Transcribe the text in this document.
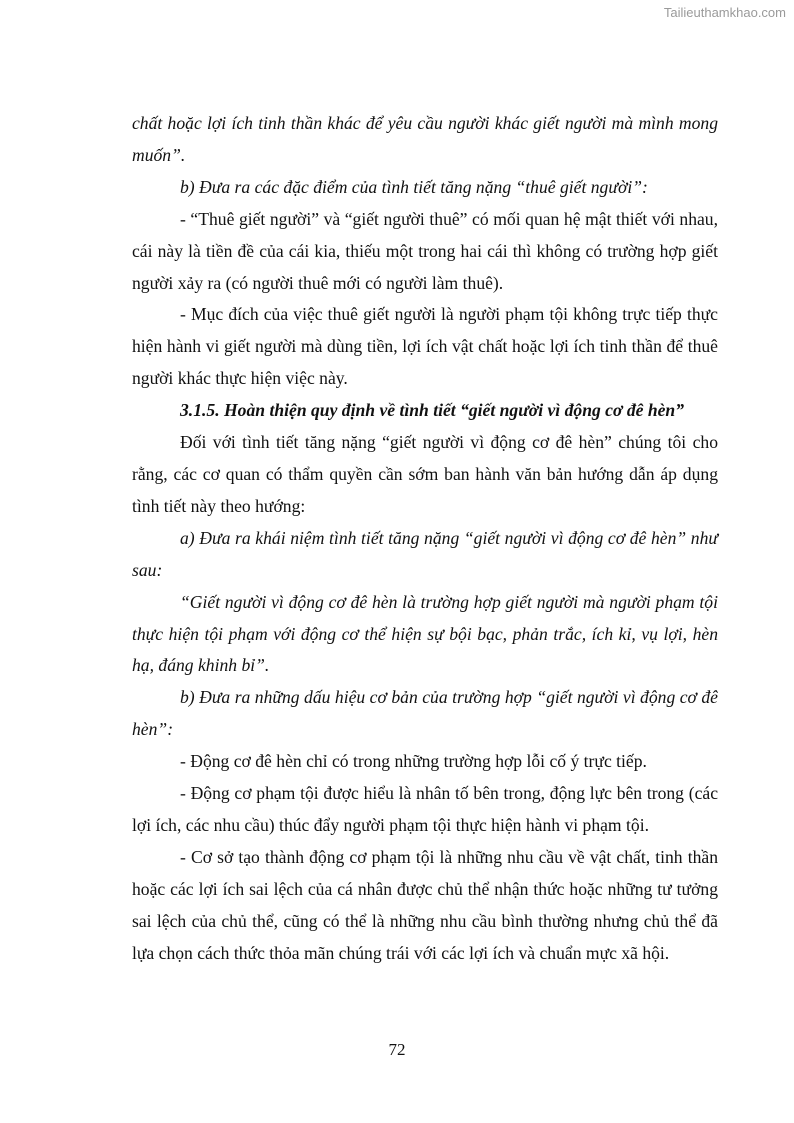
Tailieuthamkhao.com

chất hoặc lợi ích tinh thần khác để yêu cầu người khác giết người mà mình mong muốn”.

b) Đưa ra các đặc điểm của tình tiết tăng nặng “thuê giết người”:

- “Thuê giết người” và “giết người thuê” có mối quan hệ mật thiết với nhau, cái này là tiền đề của cái kia, thiếu một trong hai cái thì không có trường hợp giết người xảy ra (có người thuê mới có người làm thuê).

- Mục đích của việc thuê giết người là người phạm tội không trực tiếp thực hiện hành vi giết người mà dùng tiền, lợi ích vật chất hoặc lợi ích tinh thần để thuê người khác thực hiện việc này.

3.1.5. Hoàn thiện quy định về tình tiết “giết người vì động cơ đê hèn”

Đối với tình tiết tăng nặng “giết người vì động cơ đê hèn” chúng tôi cho rằng, các cơ quan có thẩm quyền cần sớm ban hành văn bản hướng dẫn áp dụng tình tiết này theo hướng:

a) Đưa ra khái niệm tình tiết tăng nặng “giết người vì động cơ đê hèn” như sau:

“Giết người vì động cơ đê hèn là trường hợp giết người mà người phạm tội thực hiện tội phạm với động cơ thể hiện sự bội bạc, phản trắc, ích kỉ, vụ lợi, hèn hạ, đáng khinh bỉ”.

b) Đưa ra những dấu hiệu cơ bản của trường hợp “giết người vì động cơ đê hèn”:

- Động cơ đê hèn chỉ có trong những trường hợp lỗi cố ý trực tiếp.

- Động cơ phạm tội được hiểu là nhân tố bên trong, động lực bên trong (các lợi ích, các nhu cầu) thúc đẩy người phạm tội thực hiện hành vi phạm tội.

- Cơ sở tạo thành động cơ phạm tội là những nhu cầu về vật chất, tinh thần hoặc các lợi ích sai lệch của cá nhân được chủ thể nhận thức hoặc những tư tưởng sai lệch của chủ thể, cũng có thể là những nhu cầu bình thường nhưng chủ thể đã lựa chọn cách thức thỏa mãn chúng trái với các lợi ích và chuẩn mực xã hội.

72
